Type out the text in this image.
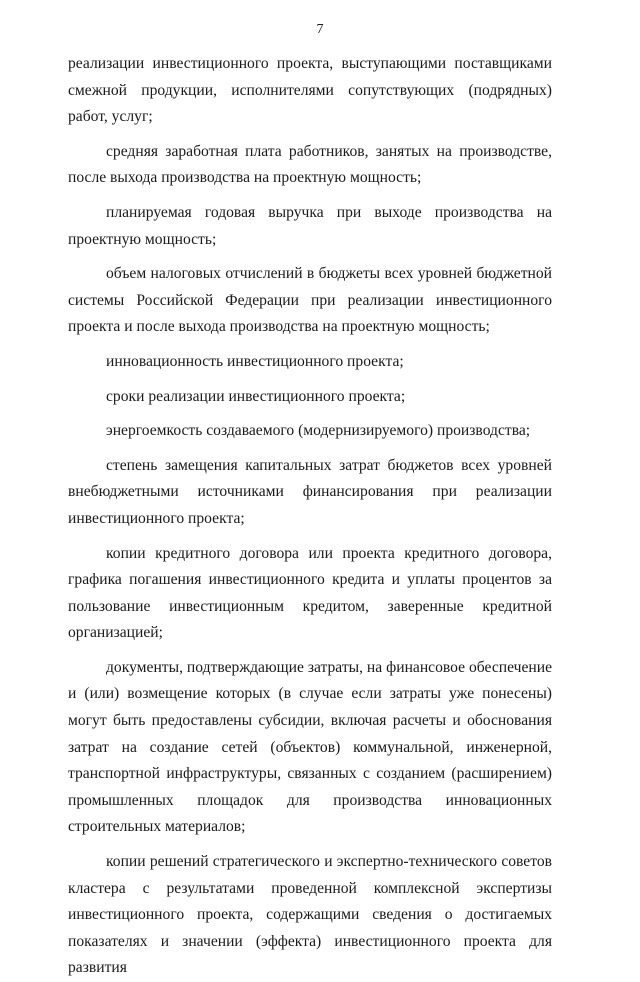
7

реализации инвестиционного проекта, выступающими поставщиками смежной продукции, исполнителями сопутствующих (подрядных) работ, услуг;

средняя заработная плата работников, занятых на производстве, после выхода производства на проектную мощность;

планируемая годовая выручка при выходе производства на проектную мощность;

объем налоговых отчислений в бюджеты всех уровней бюджетной системы Российской Федерации при реализации инвестиционного проекта и после выхода производства на проектную мощность;

инновационность инвестиционного проекта;

сроки реализации инвестиционного проекта;

энергоемкость создаваемого (модернизируемого) производства;

степень замещения капитальных затрат бюджетов всех уровней внебюджетными источниками финансирования при реализации инвестиционного проекта;

копии кредитного договора или проекта кредитного договора, графика погашения инвестиционного кредита и уплаты процентов за пользование инвестиционным кредитом, заверенные кредитной организацией;

документы, подтверждающие затраты, на финансовое обеспечение и (или) возмещение которых (в случае если затраты уже понесены) могут быть предоставлены субсидии, включая расчеты и обоснования затрат на создание сетей (объектов) коммунальной, инженерной, транспортной инфраструктуры, связанных с созданием (расширением) промышленных площадок для производства инновационных строительных материалов;

копии решений стратегического и экспертно-технического советов кластера с результатами проведенной комплексной экспертизы инвестиционного проекта, содержащими сведения о достигаемых показателях и значении (эффекта) инвестиционного проекта для развития
